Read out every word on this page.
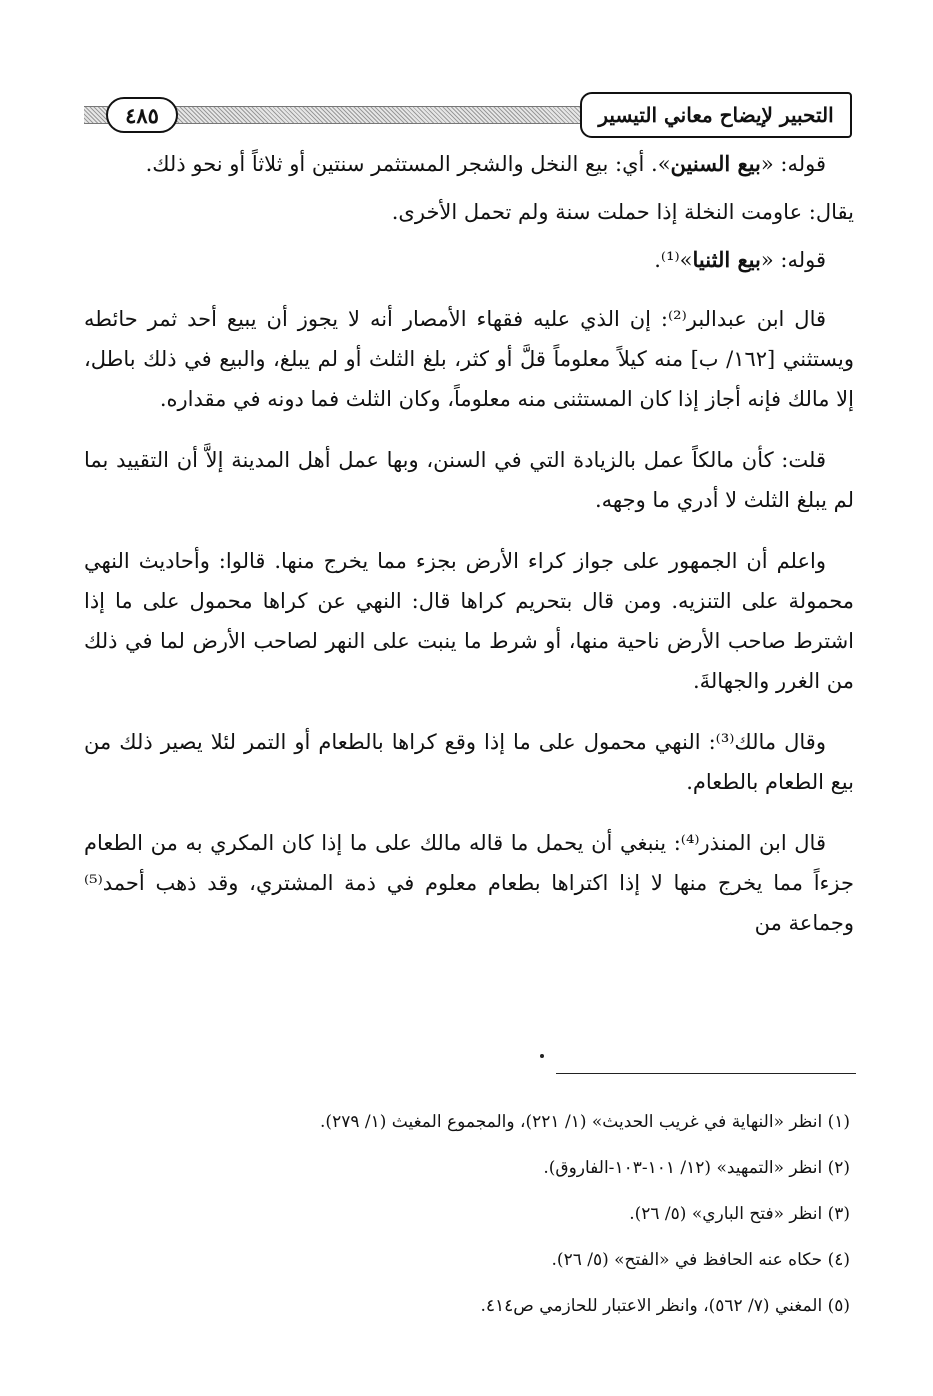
٤٨٥	التحبير لإيضاح معاني التيسير

قوله: «بيع السنين». أي: بيع النخل والشجر المستثمر سنتين أو ثلاثاً أو نحو ذلك.

يقال: عاومت النخلة إذا حملت سنة ولم تحمل الأخرى.

قوله: «بيع الثنيا»⁽¹⁾.

قال ابن عبدالبر⁽²⁾: إن الذي عليه فقهاء الأمصار أنه لا يجوز أن يبيع أحد ثمر حائطه ويستثني [١٦٢/ ب] منه كيلاً معلوماً قلَّ أو كثر، بلغ الثلث أو لم يبلغ، والبيع في ذلك باطل، إلا مالك فإنه أجاز إذا كان المستثنى منه معلوماً، وكان الثلث فما دونه في مقداره.

قلت: كأن مالكاً عمل بالزيادة التي في السنن، وبها عمل أهل المدينة إلاَّ أن التقييد بما لم يبلغ الثلث لا أدري ما وجهه.

واعلم أن الجمهور على جواز كراء الأرض بجزء مما يخرج منها. قالوا: وأحاديث النهي محمولة على التنزيه. ومن قال بتحريم كراها قال: النهي عن كراها محمول على ما إذا اشترط صاحب الأرض ناحية منها، أو شرط ما ينبت على النهر لصاحب الأرض لما في ذلك من الغرر والجهالةَ.

وقال مالك⁽³⁾: النهي محمول على ما إذا وقع كراها بالطعام أو التمر لئلا يصير ذلك من بيع الطعام بالطعام.

قال ابن المنذر⁽⁴⁾: ينبغي أن يحمل ما قاله مالك على ما إذا كان المكري به من الطعام جزءاً مما يخرج منها لا إذا اكتراها بطعام معلوم في ذمة المشتري، وقد ذهب أحمد⁽⁵⁾ وجماعة من

(١) انظر «النهاية في غريب الحديث» (١/ ٢٢١)، والمجموع المغيث (١/ ٢٧٩).

(٢) انظر «التمهيد» (١٢/ ١٠١-١٠٣-الفاروق).

(٣) انظر «فتح الباري» (٥/ ٢٦).

(٤) حكاه عنه الحافظ في «الفتح» (٥/ ٢٦).

(٥) المغني (٧/ ٥٦٢)، وانظر الاعتبار للحازمي ص٤١٤.
